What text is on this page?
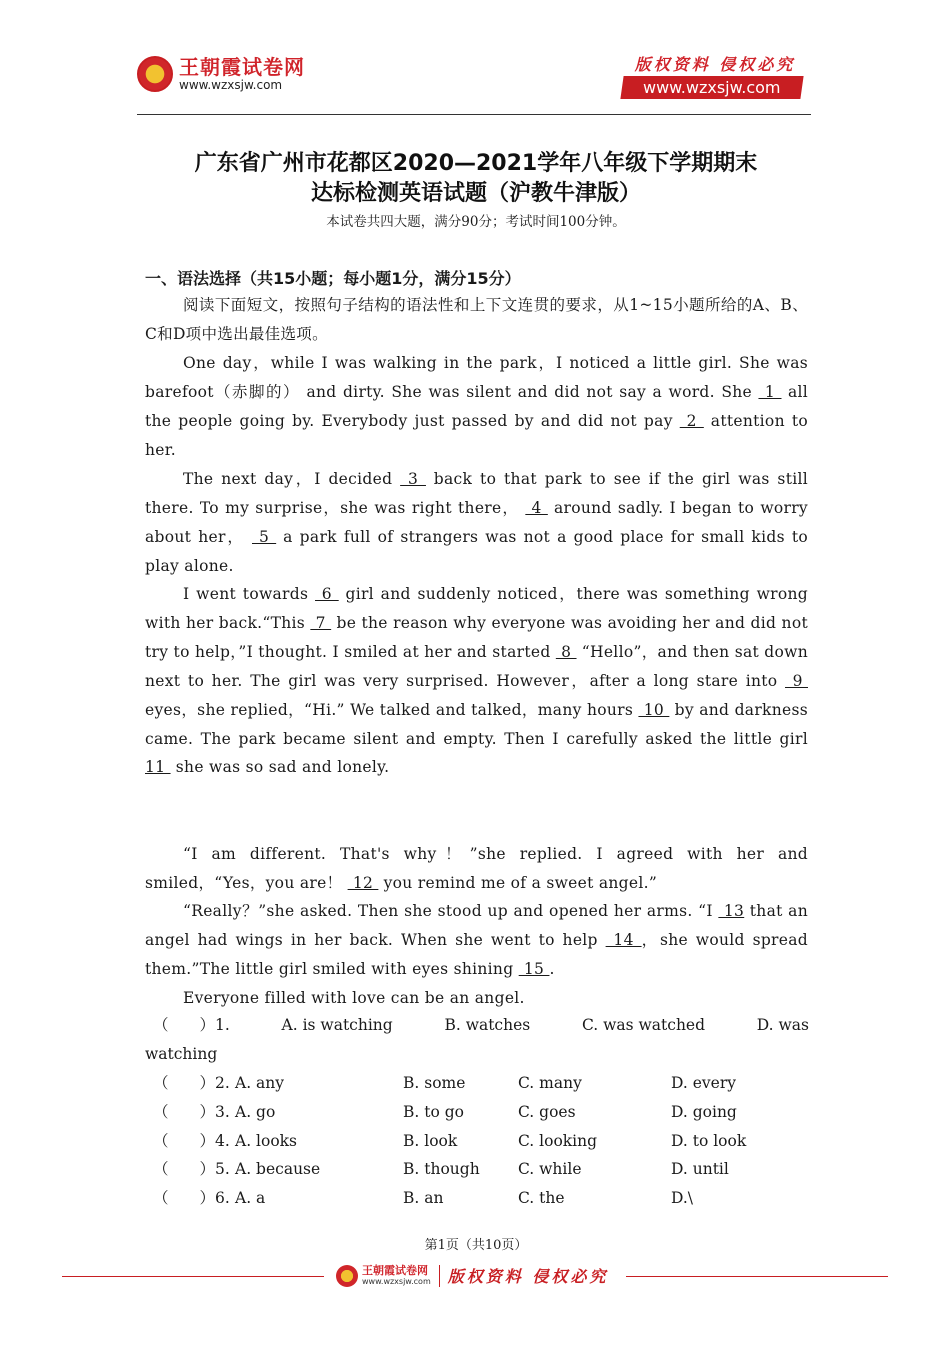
王朝霞试卷网
www.wzxsjw.com
版权资料 侵权必究
www.wzxsjw.com
广东省广州市花都区2020—2021学年八年级下学期期末
达标检测英语试题（沪教牛津版）
本试卷共四大题，满分90分；考试时间100分钟。
一、语法选择（共15小题；每小题1分，满分15分）
阅读下面短文，按照句子结构的语法性和上下文连贯的要求，从1~15小题所给的A、B、C和D项中选出最佳选项。
One day，while I was walking in the park，I noticed a little girl. She was barefoot（赤脚的） and dirty. She was silent and did not say a word. She  1  all the people going by. Everybody just passed by and did not pay  2  attention to her.
The next day，I decided  3  back to that park to see if the girl was still there. To my surprise，she was right there，  4  around sadly. I began to worry about her，  5  a park full of strangers was not a good place for small kids to play alone.
I went towards  6  girl and suddenly noticed，there was something wrong with her back.“This  7  be the reason why everyone was avoiding her and did not try to help，”I thought. I smiled at her and started  8  “Hello”，and then sat down next to her. The girl was very surprised. However，after a long stare into  9  eyes，she replied，“Hi.” We talked and talked，many hours  10  by and darkness came. The park became silent and empty. Then I carefully asked the little girl 11  she was so sad and lonely.
“I am different. That's why！”she replied. I agreed with her and smiled，“Yes，you are！  12  you remind me of a sweet angel.”
“Really？”she asked. Then she stood up and opened her arms. “I  13 that an angel had wings in her back. When she went to help  14 ，she would spread them.”The little girl smiled with eyes shining  15 .
Everyone filled with love can be an angel.
（　　）1.	A. is watching	B. watches	C. was watched	D. was
watching
（　　）2. A. any	B. some	C. many	D. every
（　　）3. A. go	B. to go	C. goes	D. going
（　　）4. A. looks	B. look	C. looking	D. to look
（　　）5. A. because	B. though C. while	D. until
（　　）6. A. a	B. an	C. the	D.\
第1页（共10页）
王朝霞试卷网
www.wzxsjw.com 版权资料 侵权必究
